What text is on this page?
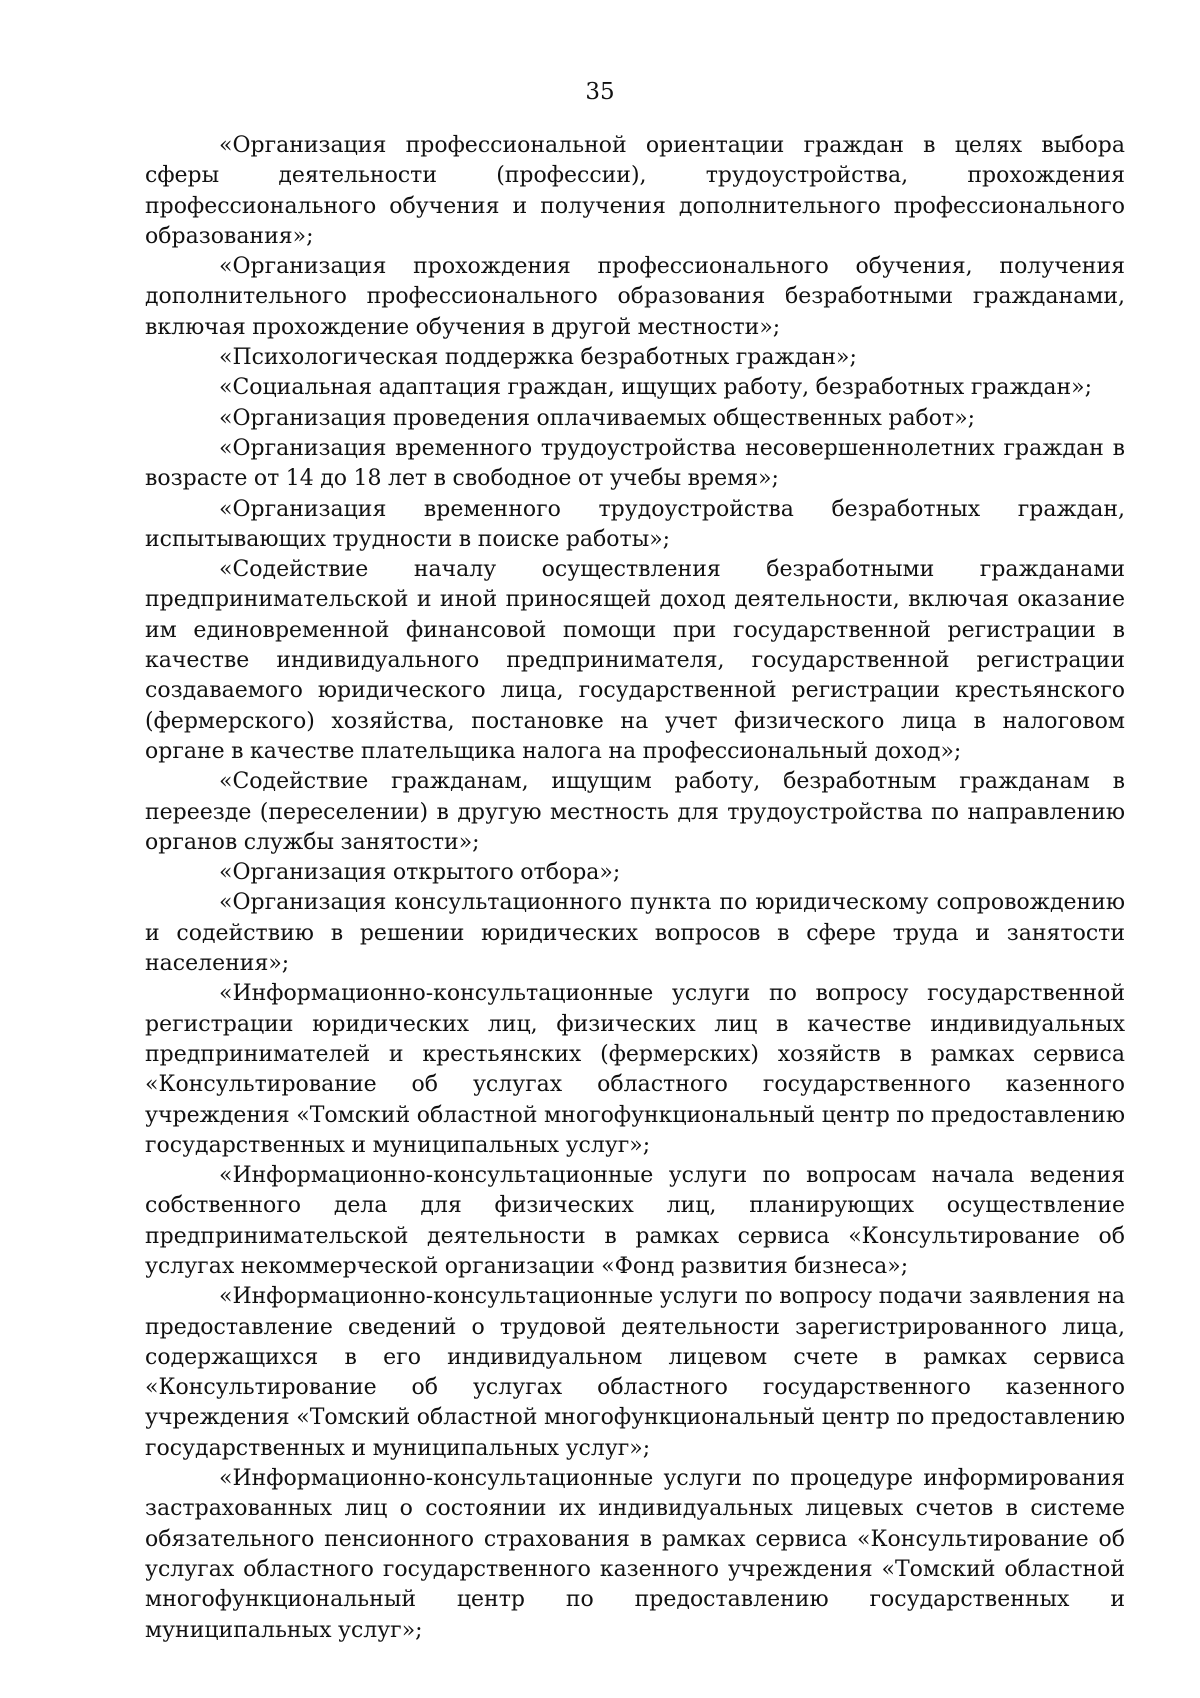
35

«Организация профессиональной ориентации граждан в целях выбора сферы деятельности (профессии), трудоустройства, прохождения профессионального обучения и получения дополнительного профессионального образования»;

«Организация прохождения профессионального обучения, получения дополнительного профессионального образования безработными гражданами, включая прохождение обучения в другой местности»;

«Психологическая поддержка безработных граждан»;

«Социальная адаптация граждан, ищущих работу, безработных граждан»;

«Организация проведения оплачиваемых общественных работ»;

«Организация временного трудоустройства несовершеннолетних граждан в возрасте от 14 до 18 лет в свободное от учебы время»;

«Организация временного трудоустройства безработных граждан, испытывающих трудности в поиске работы»;

«Содействие началу осуществления безработными гражданами предпринимательской и иной приносящей доход деятельности, включая оказание им единовременной финансовой помощи при государственной регистрации в качестве индивидуального предпринимателя, государственной регистрации создаваемого юридического лица, государственной регистрации крестьянского (фермерского) хозяйства, постановке на учет физического лица в налоговом органе в качестве плательщика налога на профессиональный доход»;

«Содействие гражданам, ищущим работу, безработным гражданам в переезде (переселении) в другую местность для трудоустройства по направлению органов службы занятости»;

«Организация открытого отбора»;

«Организация консультационного пункта по юридическому сопровождению и содействию в решении юридических вопросов в сфере труда и занятости населения»;

«Информационно-консультационные услуги по вопросу государственной регистрации юридических лиц, физических лиц в качестве индивидуальных предпринимателей и крестьянских (фермерских) хозяйств в рамках сервиса «Консультирование об услугах областного государственного казенного учреждения «Томский областной многофункциональный центр по предоставлению государственных и муниципальных услуг»;

«Информационно-консультационные услуги по вопросам начала ведения собственного дела для физических лиц, планирующих осуществление предпринимательской деятельности в рамках сервиса «Консультирование об услугах некоммерческой организации «Фонд развития бизнеса»;

«Информационно-консультационные услуги по вопросу подачи заявления на предоставление сведений о трудовой деятельности зарегистрированного лица, содержащихся в его индивидуальном лицевом счете в рамках сервиса «Консультирование об услугах областного государственного казенного учреждения «Томский областной многофункциональный центр по предоставлению государственных и муниципальных услуг»;

«Информационно-консультационные услуги по процедуре информирования застрахованных лиц о состоянии их индивидуальных лицевых счетов в системе обязательного пенсионного страхования в рамках сервиса «Консультирование об услугах областного государственного казенного учреждения «Томский областной многофункциональный центр по предоставлению государственных и муниципальных услуг»;
